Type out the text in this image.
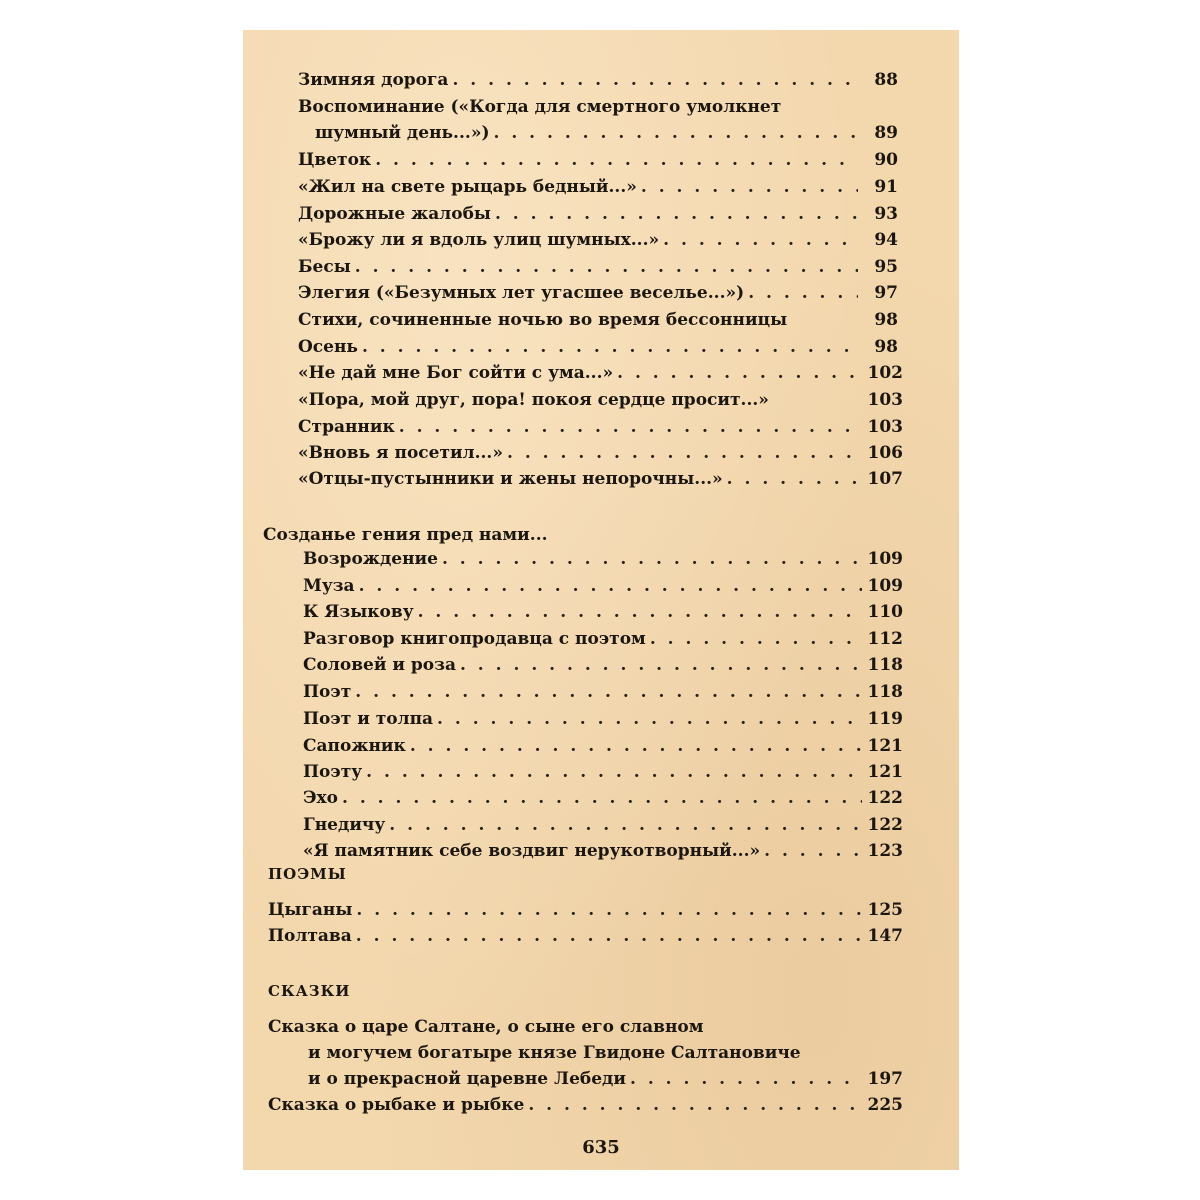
Зимняя дорога . . .	88
Воспоминание («Когда для смертного умолкнет
шумный день...») . . .	89
Цветок . . .	90
«Жил на свете рыцарь бедный...» . . .	91
Дорожные жалобы . . .	93
«Брожу ли я вдоль улиц шумных...» . . .	94
Бесы . . .	95
Элегия («Безумных лет угасшее веселье...») . . .	97
Стихи, сочиненные ночью во время бессонницы	98
Осень . . .	98
«Не дай мне Бог сойти с ума...» . . .	102
«Пора, мой друг, пора! покоя сердце просит...»	103
Странник . . .	103
«Вновь я посетил...» . . .	106
«Отцы-пустынники и жены непорочны...» . . .	107
Созданье гения пред нами...
Возрождение . . .	109
Муза . . .	109
К Языкову . . .	110
Разговор книгопродавца с поэтом . . .	112
Соловей и роза . . .	118
Поэт . . .	118
Поэт и толпа . . .	119
Сапожник . . .	121
Поэту . . .	121
Эхо . . .	122
Гнедичу . . .	122
«Я памятник себе воздвиг нерукотворный...» . . .	123
ПОЭМЫ
Цыганы . . .	125
Полтава . . .	147
СКАЗКИ
Сказка о царе Салтане, о сыне его славном
и могучем богатыре князе Гвидоне Салтановиче
и о прекрасной царевне Лебеди . . .	197
Сказка о рыбаке и рыбке . . .	225
635
